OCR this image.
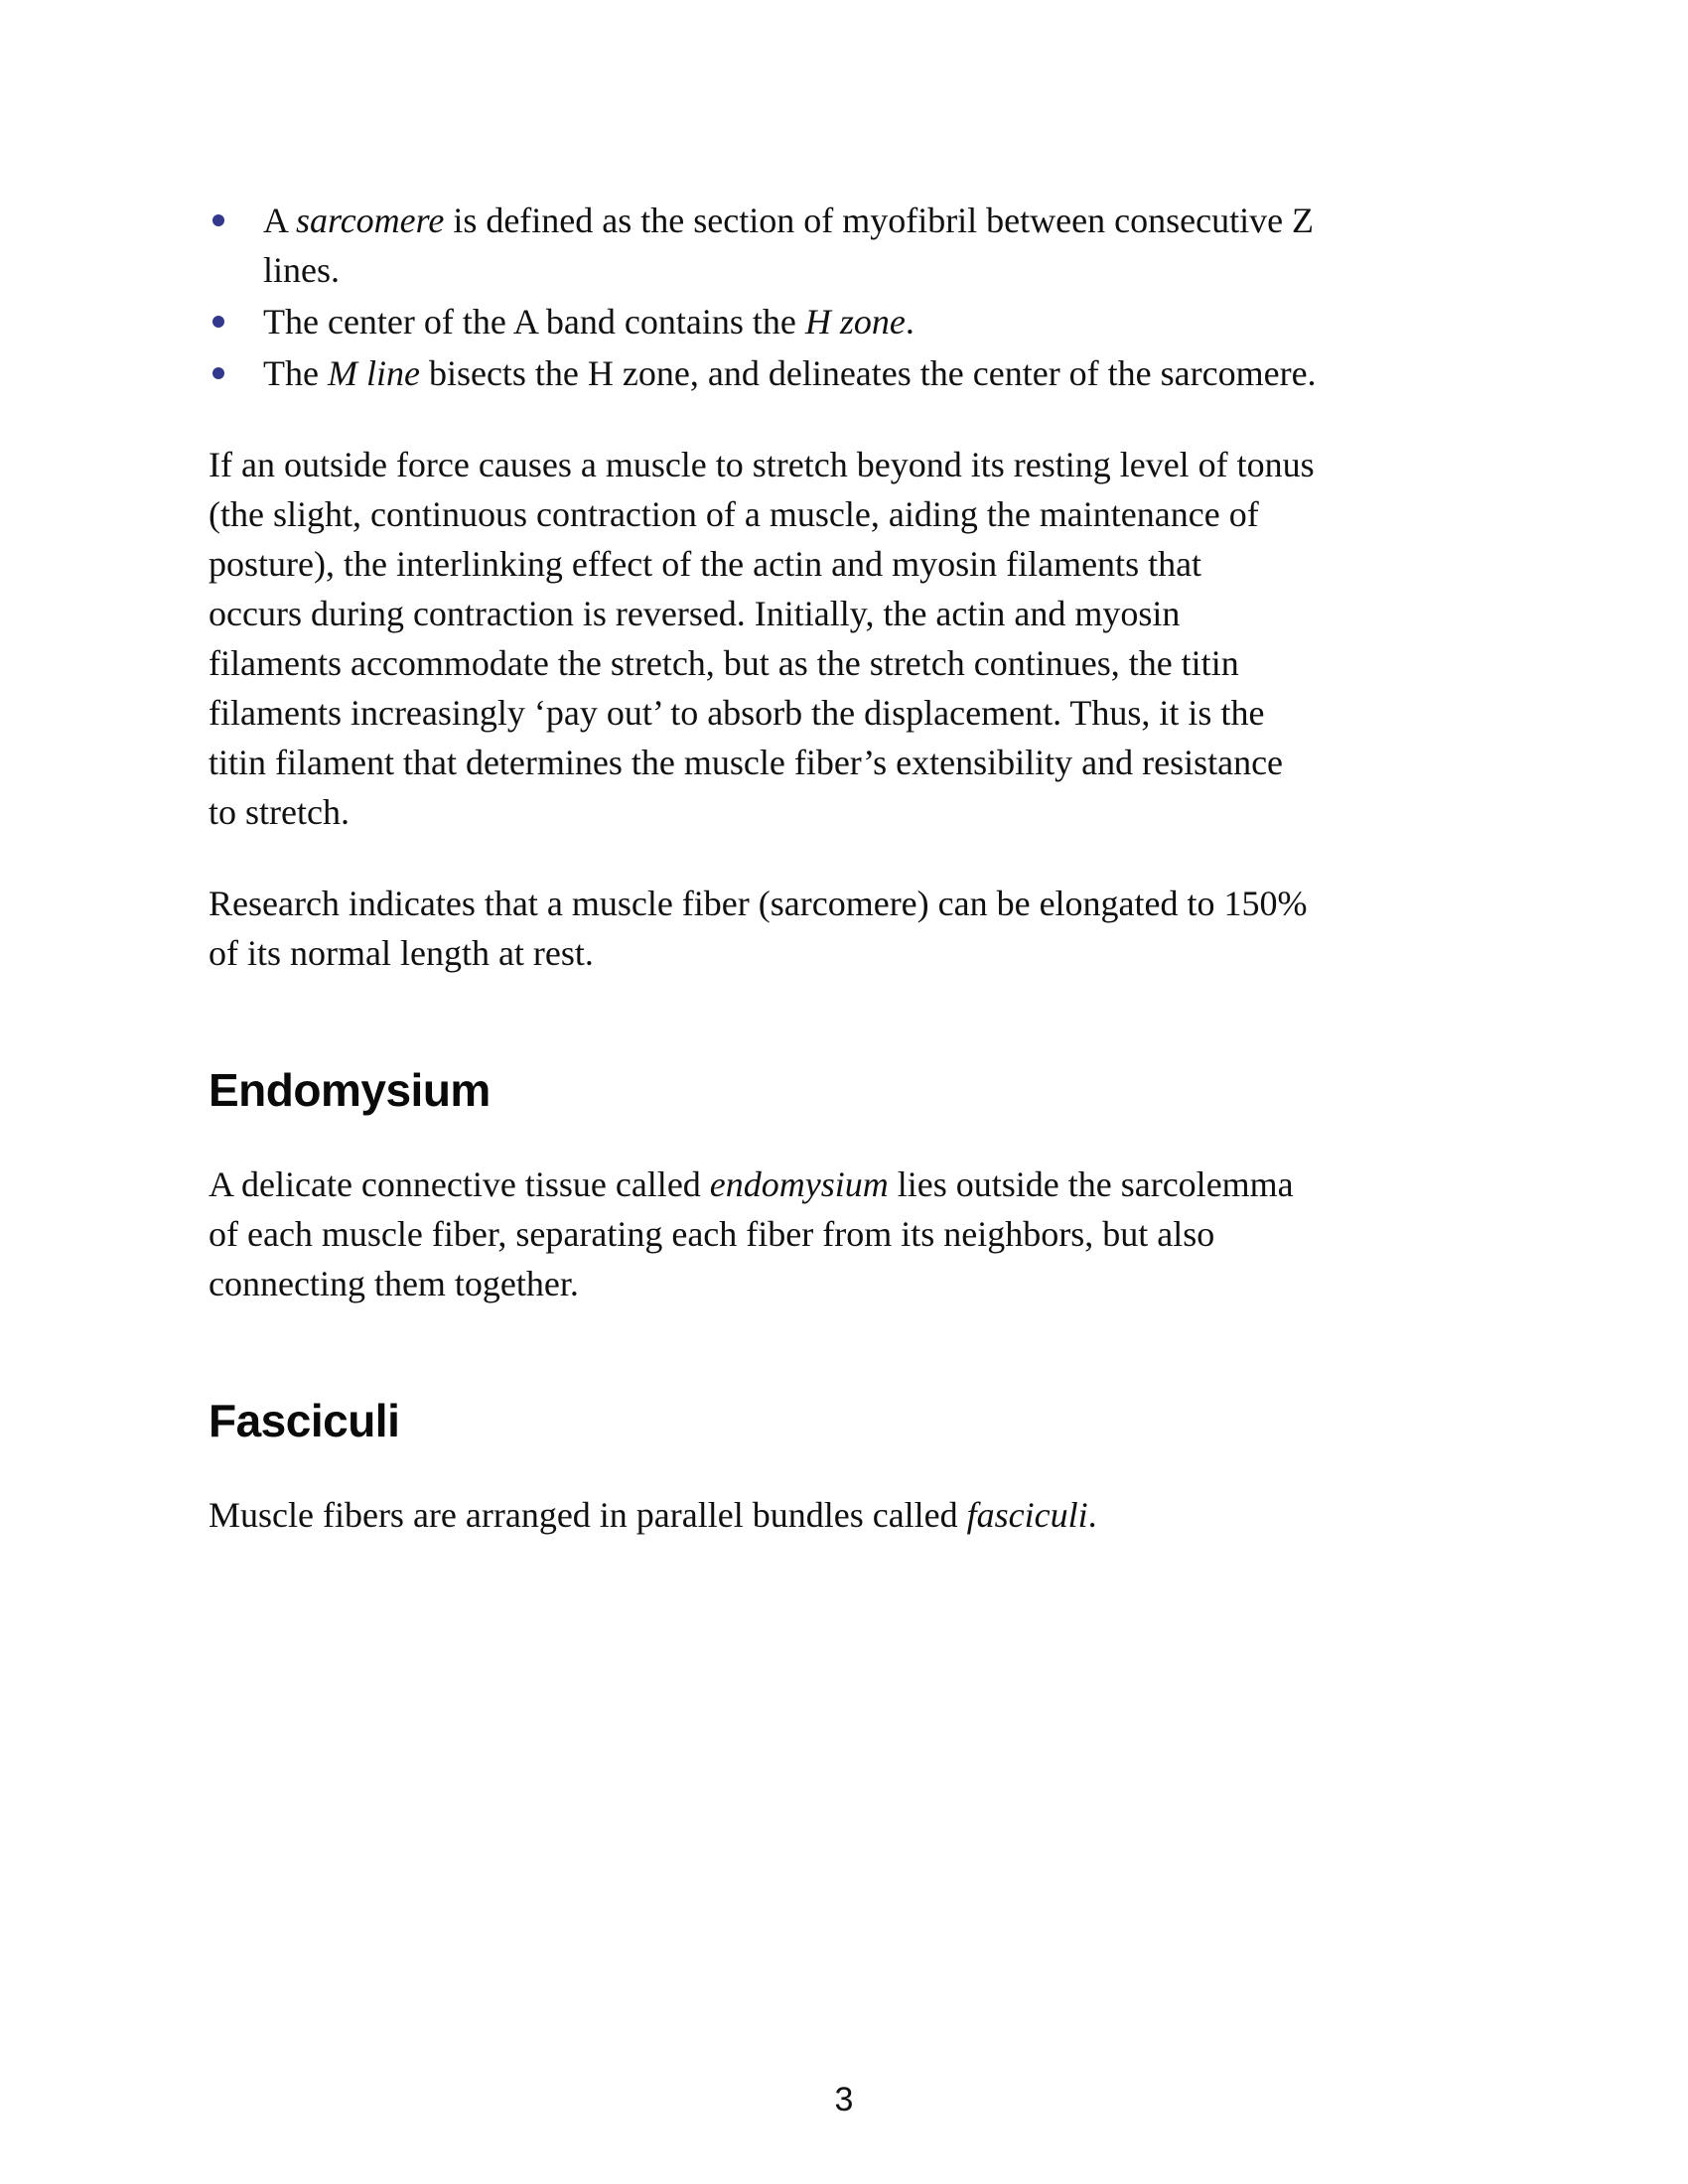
A sarcomere is defined as the section of myofibril between consecutive Z
lines.
The center of the A band contains the H zone.
The M line bisects the H zone, and delineates the center of the sarcomere.

If an outside force causes a muscle to stretch beyond its resting level of tonus
(the slight, continuous contraction of a muscle, aiding the maintenance of
posture), the interlinking effect of the actin and myosin filaments that
occurs during contraction is reversed. Initially, the actin and myosin
filaments accommodate the stretch, but as the stretch continues, the titin
filaments increasingly ‘pay out’ to absorb the displacement. Thus, it is the
titin filament that determines the muscle fiber’s extensibility and resistance
to stretch.

Research indicates that a muscle fiber (sarcomere) can be elongated to 150%
of its normal length at rest.

Endomysium

A delicate connective tissue called endomysium lies outside the sarcolemma
of each muscle fiber, separating each fiber from its neighbors, but also
connecting them together.

Fasciculi

Muscle fibers are arranged in parallel bundles called fasciculi.

3
